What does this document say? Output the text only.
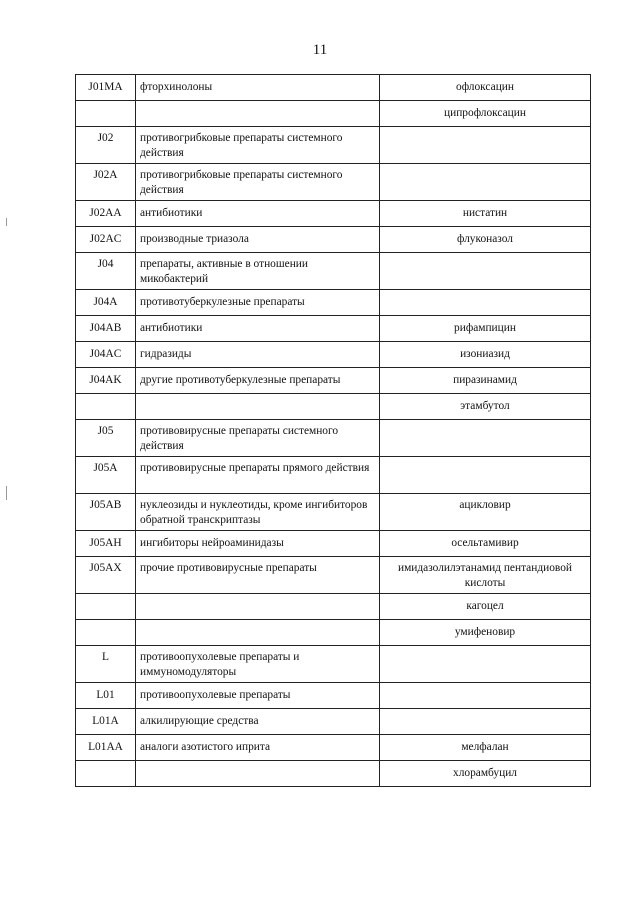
11
J01MA	фторхинолоны	офлоксацин
		ципрофлоксацин
J02	противогрибковые препараты системного действия	
J02A	противогрибковые препараты системного действия	
J02AA	антибиотики	нистатин
J02AC	производные триазола	флуконазол
J04	препараты, активные в отношении микобактерий	
J04A	противотуберкулезные препараты	
J04AB	антибиотики	рифампицин
J04AC	гидразиды	изониазид
J04AK	другие противотуберкулезные препараты	пиразинамид
		этамбутол
J05	противовирусные препараты системного действия	
J05A	противовирусные препараты прямого действия	
J05AB	нуклеозиды и нуклеотиды, кроме ингибиторов обратной транскриптазы	ацикловир
J05AH	ингибиторы нейроаминидазы	осельтамивир
J05AX	прочие противовирусные препараты	имидазолилэтанамид пентандиовой кислоты
		кагоцел
		умифеновир
L	противоопухолевые препараты и иммуномодуляторы	
L01	противоопухолевые препараты	
L01A	алкилирующие средства	
L01AA	аналоги азотистого иприта	мелфалан
		хлорамбуцил
